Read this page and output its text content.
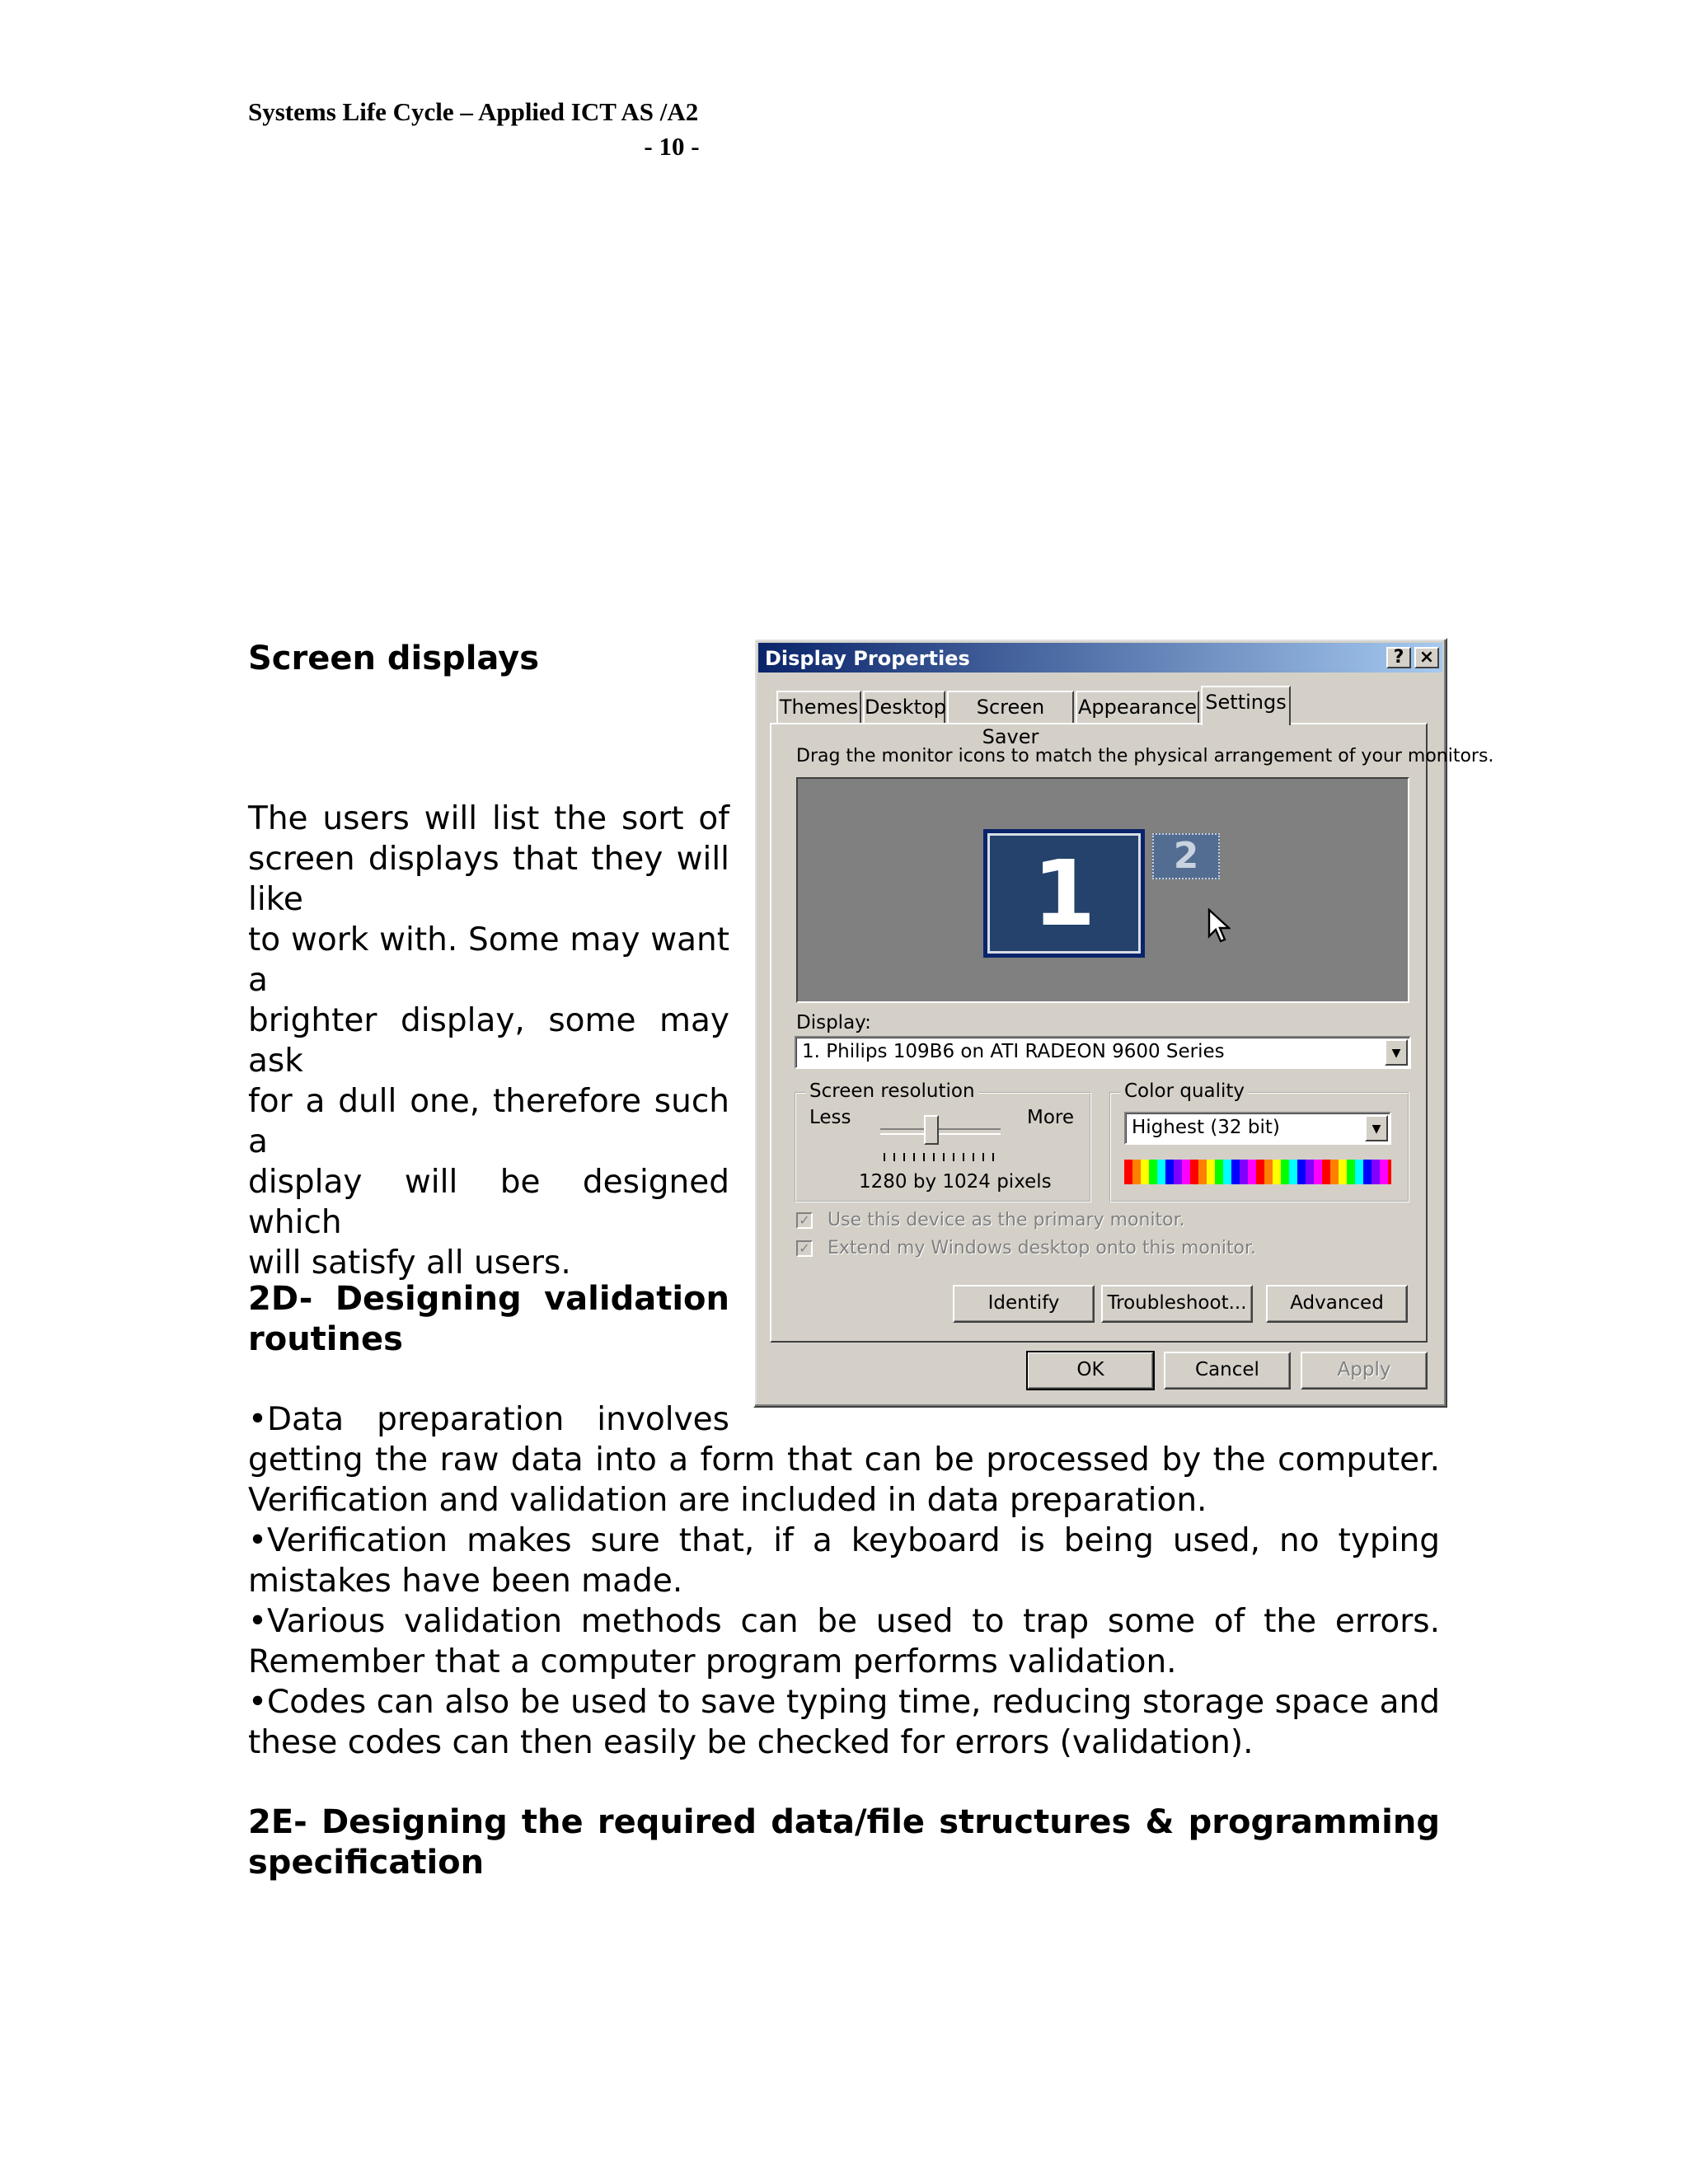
Systems Life Cycle – Applied ICT AS /A2
- 10 -
Screen displays
The users will list the sort of
screen displays that they will like
to work with. Some may want a
brighter display, some may ask
for a dull one, therefore such a
display will be designed which
will satisfy all users.
2D- Designing validation
routines
•Data preparation involves
getting the raw data into a form that can be processed by the computer. Verification and validation are included in data preparation.
•Verification makes sure that, if a keyboard is being used, no typing mistakes have been made.
•Various validation methods can be used to trap some of the errors. Remember that a computer program performs validation.
•Codes can also be used to save typing time, reducing storage space and these codes can then easily be checked for errors (validation).
2E- Designing the required data/file structures & programming
specification
Display Properties	? ×
Themes Desktop	Screen Saver
Appearance Settings
Drag the monitor icons to match the physical arrangement of your monitors.
1	2
Display:
1. Philips 109B6 on ATI RADEON 9600 Series	▼
Screen resolution
Less	More
1280 by 1024 pixels
Color quality
Highest (32 bit)	▼
✓ Use this device as the primary monitor.
✓ Extend my Windows desktop onto this monitor.
Identify	Troubleshoot...	Advanced
OK	Cancel	Apply
